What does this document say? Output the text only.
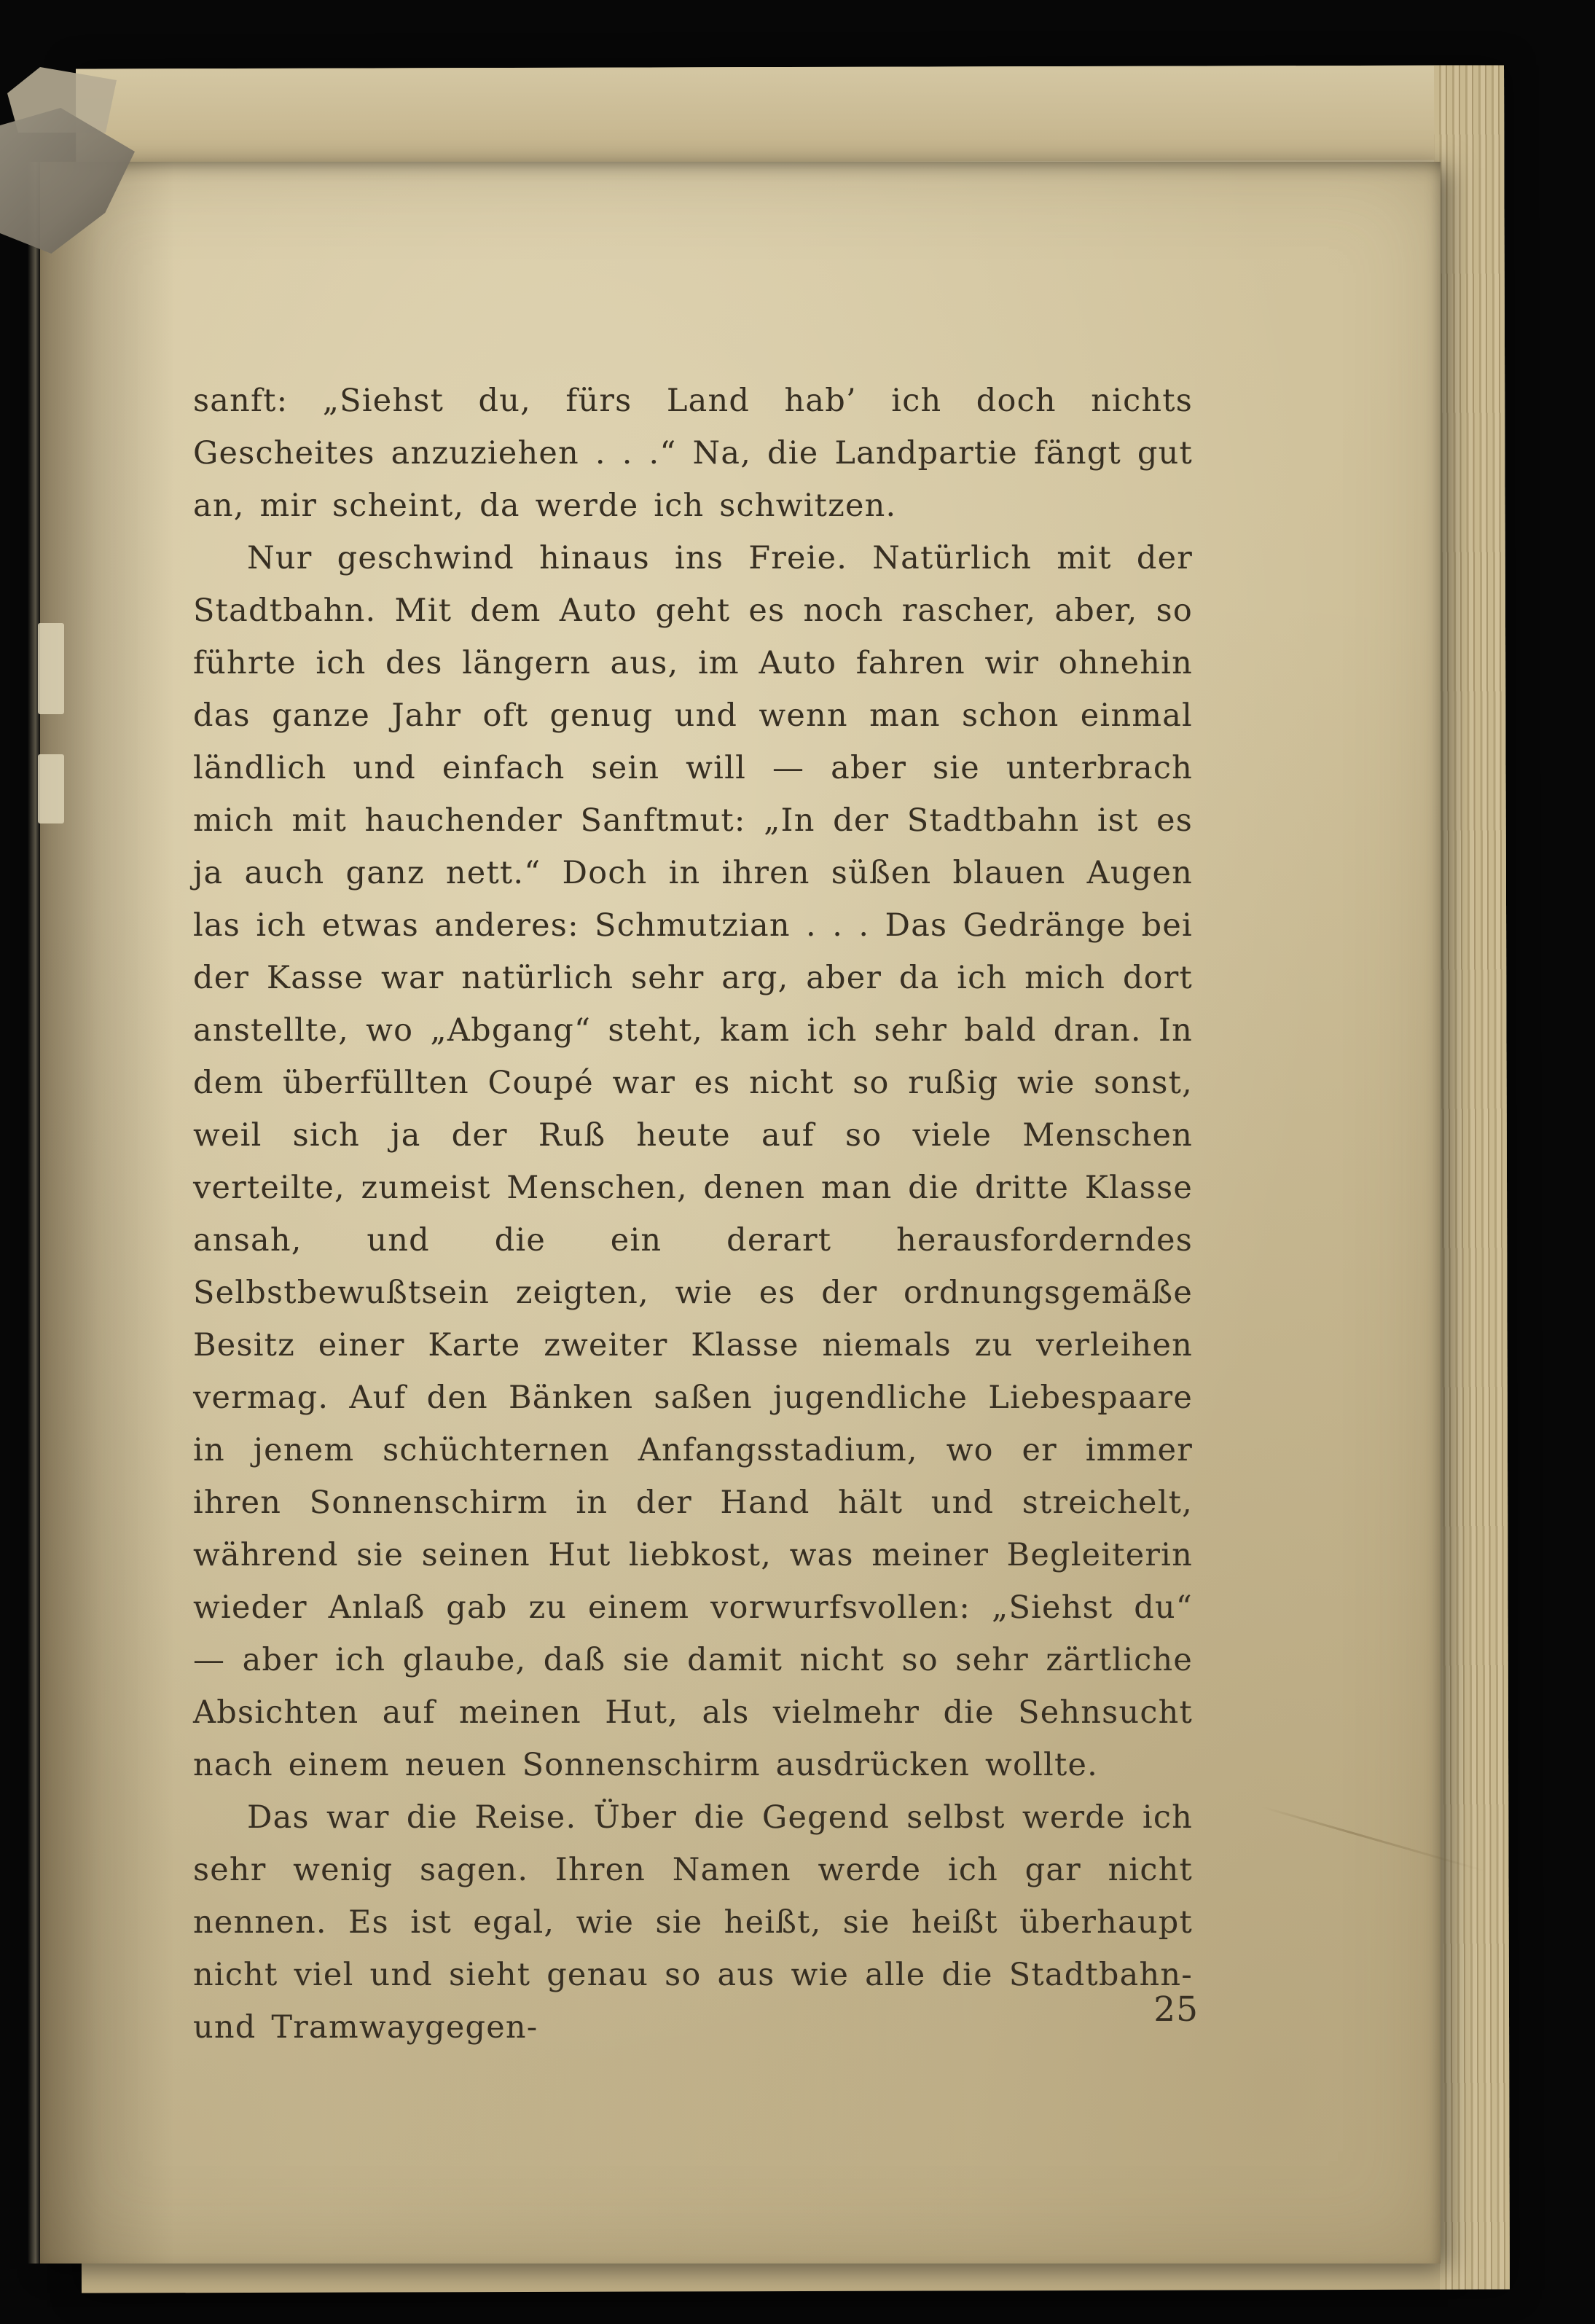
sanft: „Siehst du, fürs Land hab’ ich doch nichts Gescheites anzuziehen . . .“ Na, die Landpartie fängt gut an, mir scheint, da werde ich schwitzen.

Nur geschwind hinaus ins Freie. Natürlich mit der Stadtbahn. Mit dem Auto geht es noch rascher, aber, so führte ich des längern aus, im Auto fahren wir ohnehin das ganze Jahr oft genug und wenn man schon einmal ländlich und einfach sein will — aber sie unterbrach mich mit hauchender Sanftmut: „In der Stadtbahn ist es ja auch ganz nett.“ Doch in ihren süßen blauen Augen las ich etwas anderes: Schmutzian . . . Das Gedränge bei der Kasse war natürlich sehr arg, aber da ich mich dort anstellte, wo „Abgang“ steht, kam ich sehr bald dran. In dem überfüllten Coupé war es nicht so rußig wie sonst, weil sich ja der Ruß heute auf so viele Menschen verteilte, zumeist Menschen, denen man die dritte Klasse ansah, und die ein derart herausforderndes Selbstbewußtsein zeigten, wie es der ordnungsgemäße Besitz einer Karte zweiter Klasse niemals zu verleihen vermag. Auf den Bänken saßen jugendliche Liebespaare in jenem schüchternen Anfangsstadium, wo er immer ihren Sonnenschirm in der Hand hält und streichelt, während sie seinen Hut liebkost, was meiner Begleiterin wieder Anlaß gab zu einem vorwurfsvollen: „Siehst du“ — aber ich glaube, daß sie damit nicht so sehr zärtliche Absichten auf meinen Hut, als vielmehr die Sehnsucht nach einem neuen Sonnenschirm ausdrücken wollte.

Das war die Reise. Über die Gegend selbst werde ich sehr wenig sagen. Ihren Namen werde ich gar nicht nennen. Es ist egal, wie sie heißt, sie heißt überhaupt nicht viel und sieht genau so aus wie alle die Stadtbahn- und Tramwaygegen-	25
